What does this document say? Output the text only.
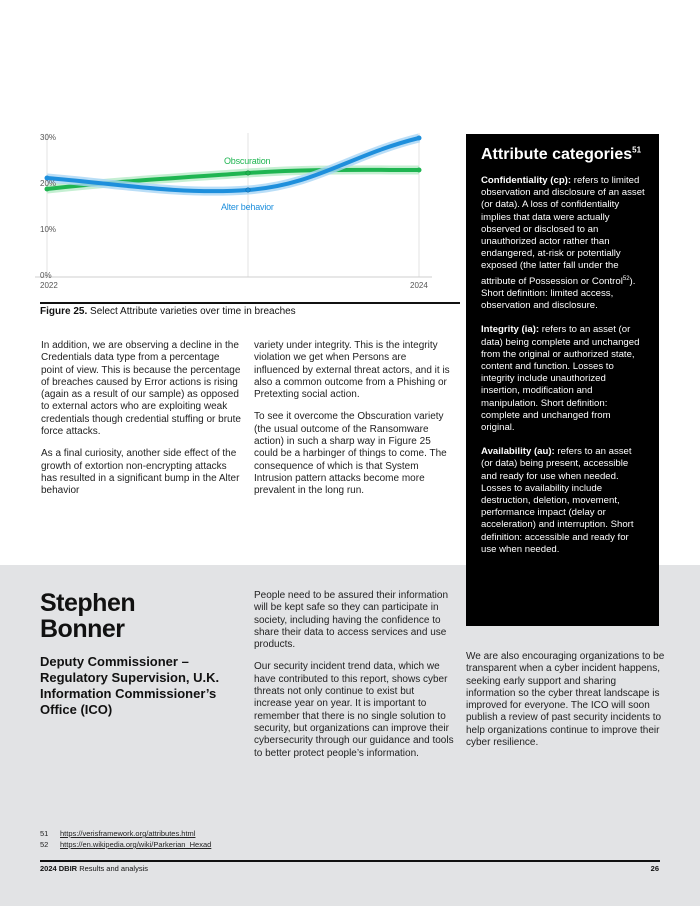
30%
20%
10%
0%
2022	2024
Obscuration
Alter behavior
Figure 25. Select Attribute varieties over time in breaches

In addition, we are observing a decline in the Credentials data type from a percentage point of view. This is because the percentage of breaches caused by Error actions is rising (again as a result of our sample) as opposed to external actors who are exploiting weak credentials though credential stuffing or brute force attacks.

As a final curiosity, another side effect of the growth of extortion non-encrypting attacks has resulted in a significant bump in the Alter behavior

variety under integrity. This is the integrity violation we get when Persons are influenced by external threat actors, and it is also a common outcome from a Phishing or Pretexting social action.

To see it overcome the Obscuration variety (the usual outcome of the Ransomware action) in such a sharp way in Figure 25 could be a harbinger of things to come. The consequence of which is that System Intrusion pattern attacks become more prevalent in the long run.

Attribute categories$^{51}$

Confidentiality (cp): refers to limited observation and disclosure of an asset (or data). A loss of confidentiality implies that data were actually observed or disclosed to an unauthorized actor rather than endangered, at-risk or potentially exposed (the latter fall under the attribute of Possession or Control$^{52}$). Short definition: limited access, observation and disclosure.

Integrity (ia): refers to an asset (or data) being complete and unchanged from the original or authorized state, content and function. Losses to integrity include unauthorized insertion, modification and manipulation. Short definition: complete and unchanged from original.

Availability (au): refers to an asset (or data) being present, accessible and ready for use when needed. Losses to availability include destruction, deletion, movement, performance impact (delay or acceleration) and interruption. Short definition: accessible and ready for use when needed.

Stephen
Bonner
Deputy Commissioner – Regulatory Supervision, U.K. Information Commissioner’s Office (ICO)

People need to be assured their information will be kept safe so they can participate in society, including having the confidence to share their data to access services and use products.

Our security incident trend data, which we have contributed to this report, shows cyber threats not only continue to exist but increase year on year. It is important to remember that there is no single solution to security, but organizations can improve their cybersecurity through our guidance and tools to better protect people’s information.

We are also encouraging organizations to be transparent when a cyber incident happens, seeking early support and sharing information so the cyber threat landscape is improved for everyone. The ICO will soon publish a review of past security incidents to help organizations continue to improve their cyber resilience.

51 https://verisframework.org/attributes.html
52 https://en.wikipedia.org/wiki/Parkerian_Hexad
2024 DBIR Results and analysis	26
